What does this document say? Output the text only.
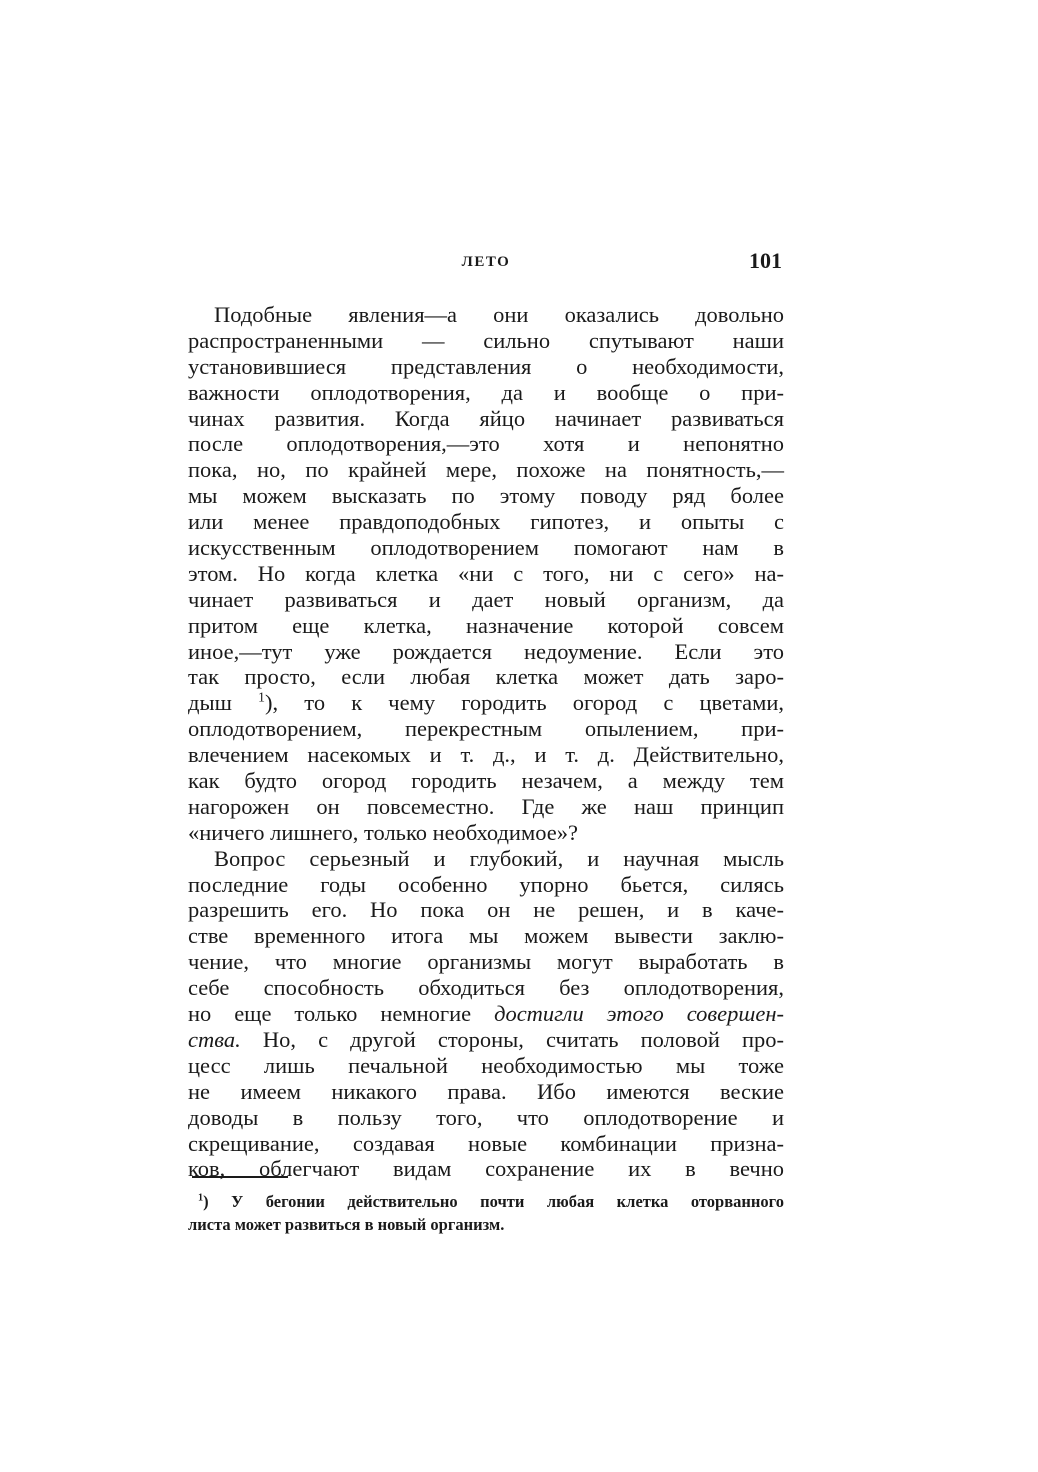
ЛЕТО	101
Подобные явления—а они оказались довольно
распространенными — сильно спутывают наши
установившиеся представления о необходимости,
важности оплодотворения, да и вообще о при-
чинах развития. Когда яйцо начинает развиваться
после оплодотворения,—это хотя и непонятно
пока, но, по крайней мере, похоже на понятность,—
мы можем высказать по этому поводу ряд более
или менее правдоподобных гипотез, и опыты с
искусственным оплодотворением помогают нам в
этом. Но когда клетка «ни с того, ни с сего» на-
чинает развиваться и дает новый организм, да
притом еще клетка, назначение которой совсем
иное,—тут уже рождается недоумение. Если это
так просто, если любая клетка может дать заро-
дыш $^1$), то к чему городить огород с цветами,
оплодотворением, перекрестным опылением, при-
влечением насекомых и т. д., и т. д. Действительно,
как будто огород городить незачем, а между тем
нагорожен он повсеместно. Где же наш принцип
«ничего лишнего, только необходимое»?
Вопрос серьезный и глубокий, и научная мысль
последние годы особенно упорно бьется, силясь
разрешить его. Но пока он не решен, и в каче-
стве временного итога мы можем вывести заклю-
чение, что многие организмы могут выработать в
себе способность обходиться без оплодотворения,
но еще только немногие достигли этого совершен-
ства. Но, с другой стороны, считать половой про-
цесс лишь печальной необходимостью мы тоже
не имеем никакого права. Ибо имеются веские
доводы в пользу того, что оплодотворение и
скрещивание, создавая новые комбинации призна-
ков, облегчают видам сохранение их в вечно
$^1$) У бегонии действительно почти любая клетка оторванного
листа может развиться в новый организм.
